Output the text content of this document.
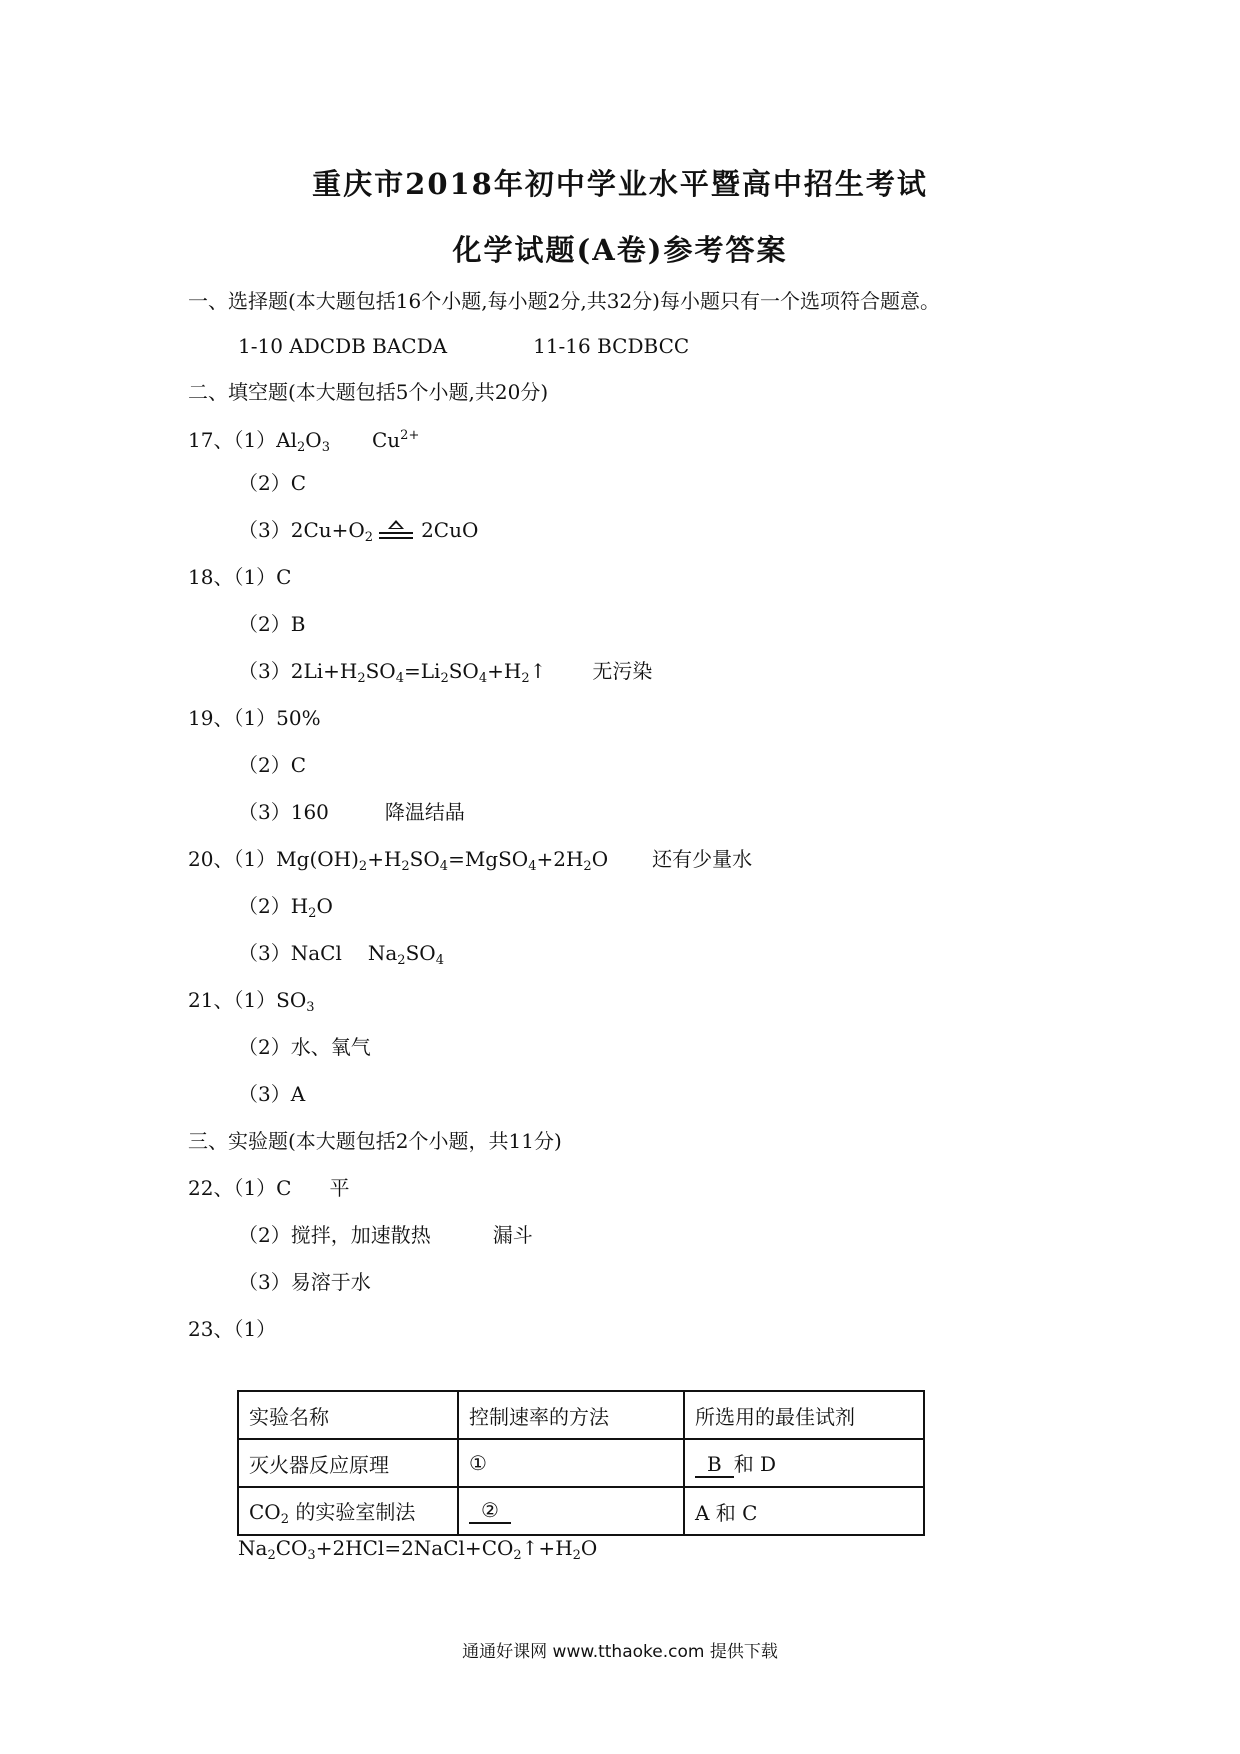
重庆市2018年初中学业水平暨高中招生考试
化学试题(A卷)参考答案
一、选择题(本大题包括16个小题,每小题2分,共32分)每小题只有一个选项符合题意。
1-10 ADCDB BACDA	11-16 BCDBCC
二、填空题(本大题包括5个小题,共20分)
17、$(1)Al_2O_3$ $Cu^{2+}$
（2）C
$(3)2Cu+O_2$ 2CuO
18、（1）C
（2）B
$(3)2Li+H_2SO_4=Li_2SO_4+H_2↑$ 无污染
19、（1）50%
（2）C
（3）160	降温结晶
20、$(1)Mg(OH)_2+H_2SO_4=MgSO_4+2H_2O$ 还有少量水
$(2)H_2O$
（3）NaCl $Na_2SO_4$
21、$(1)SO_3$
（2）水、氧气
（3）A
三、实验题(本大题包括2个小题，共11分)
22、（1）C 平
（2）搅拌，加速散热	漏斗
（3）易溶于水
23、（1）
实验名称	控制速率的方法	所选用的最佳试剂
灭火器反应原理	①	B 和 D
$CO_2$ 的实验室制法	②	A 和 C
$Na_2CO_3+2HCl=2NaCl+CO_2↑+H_2O$
通通好课网 www.tthaoke.com 提供下载
